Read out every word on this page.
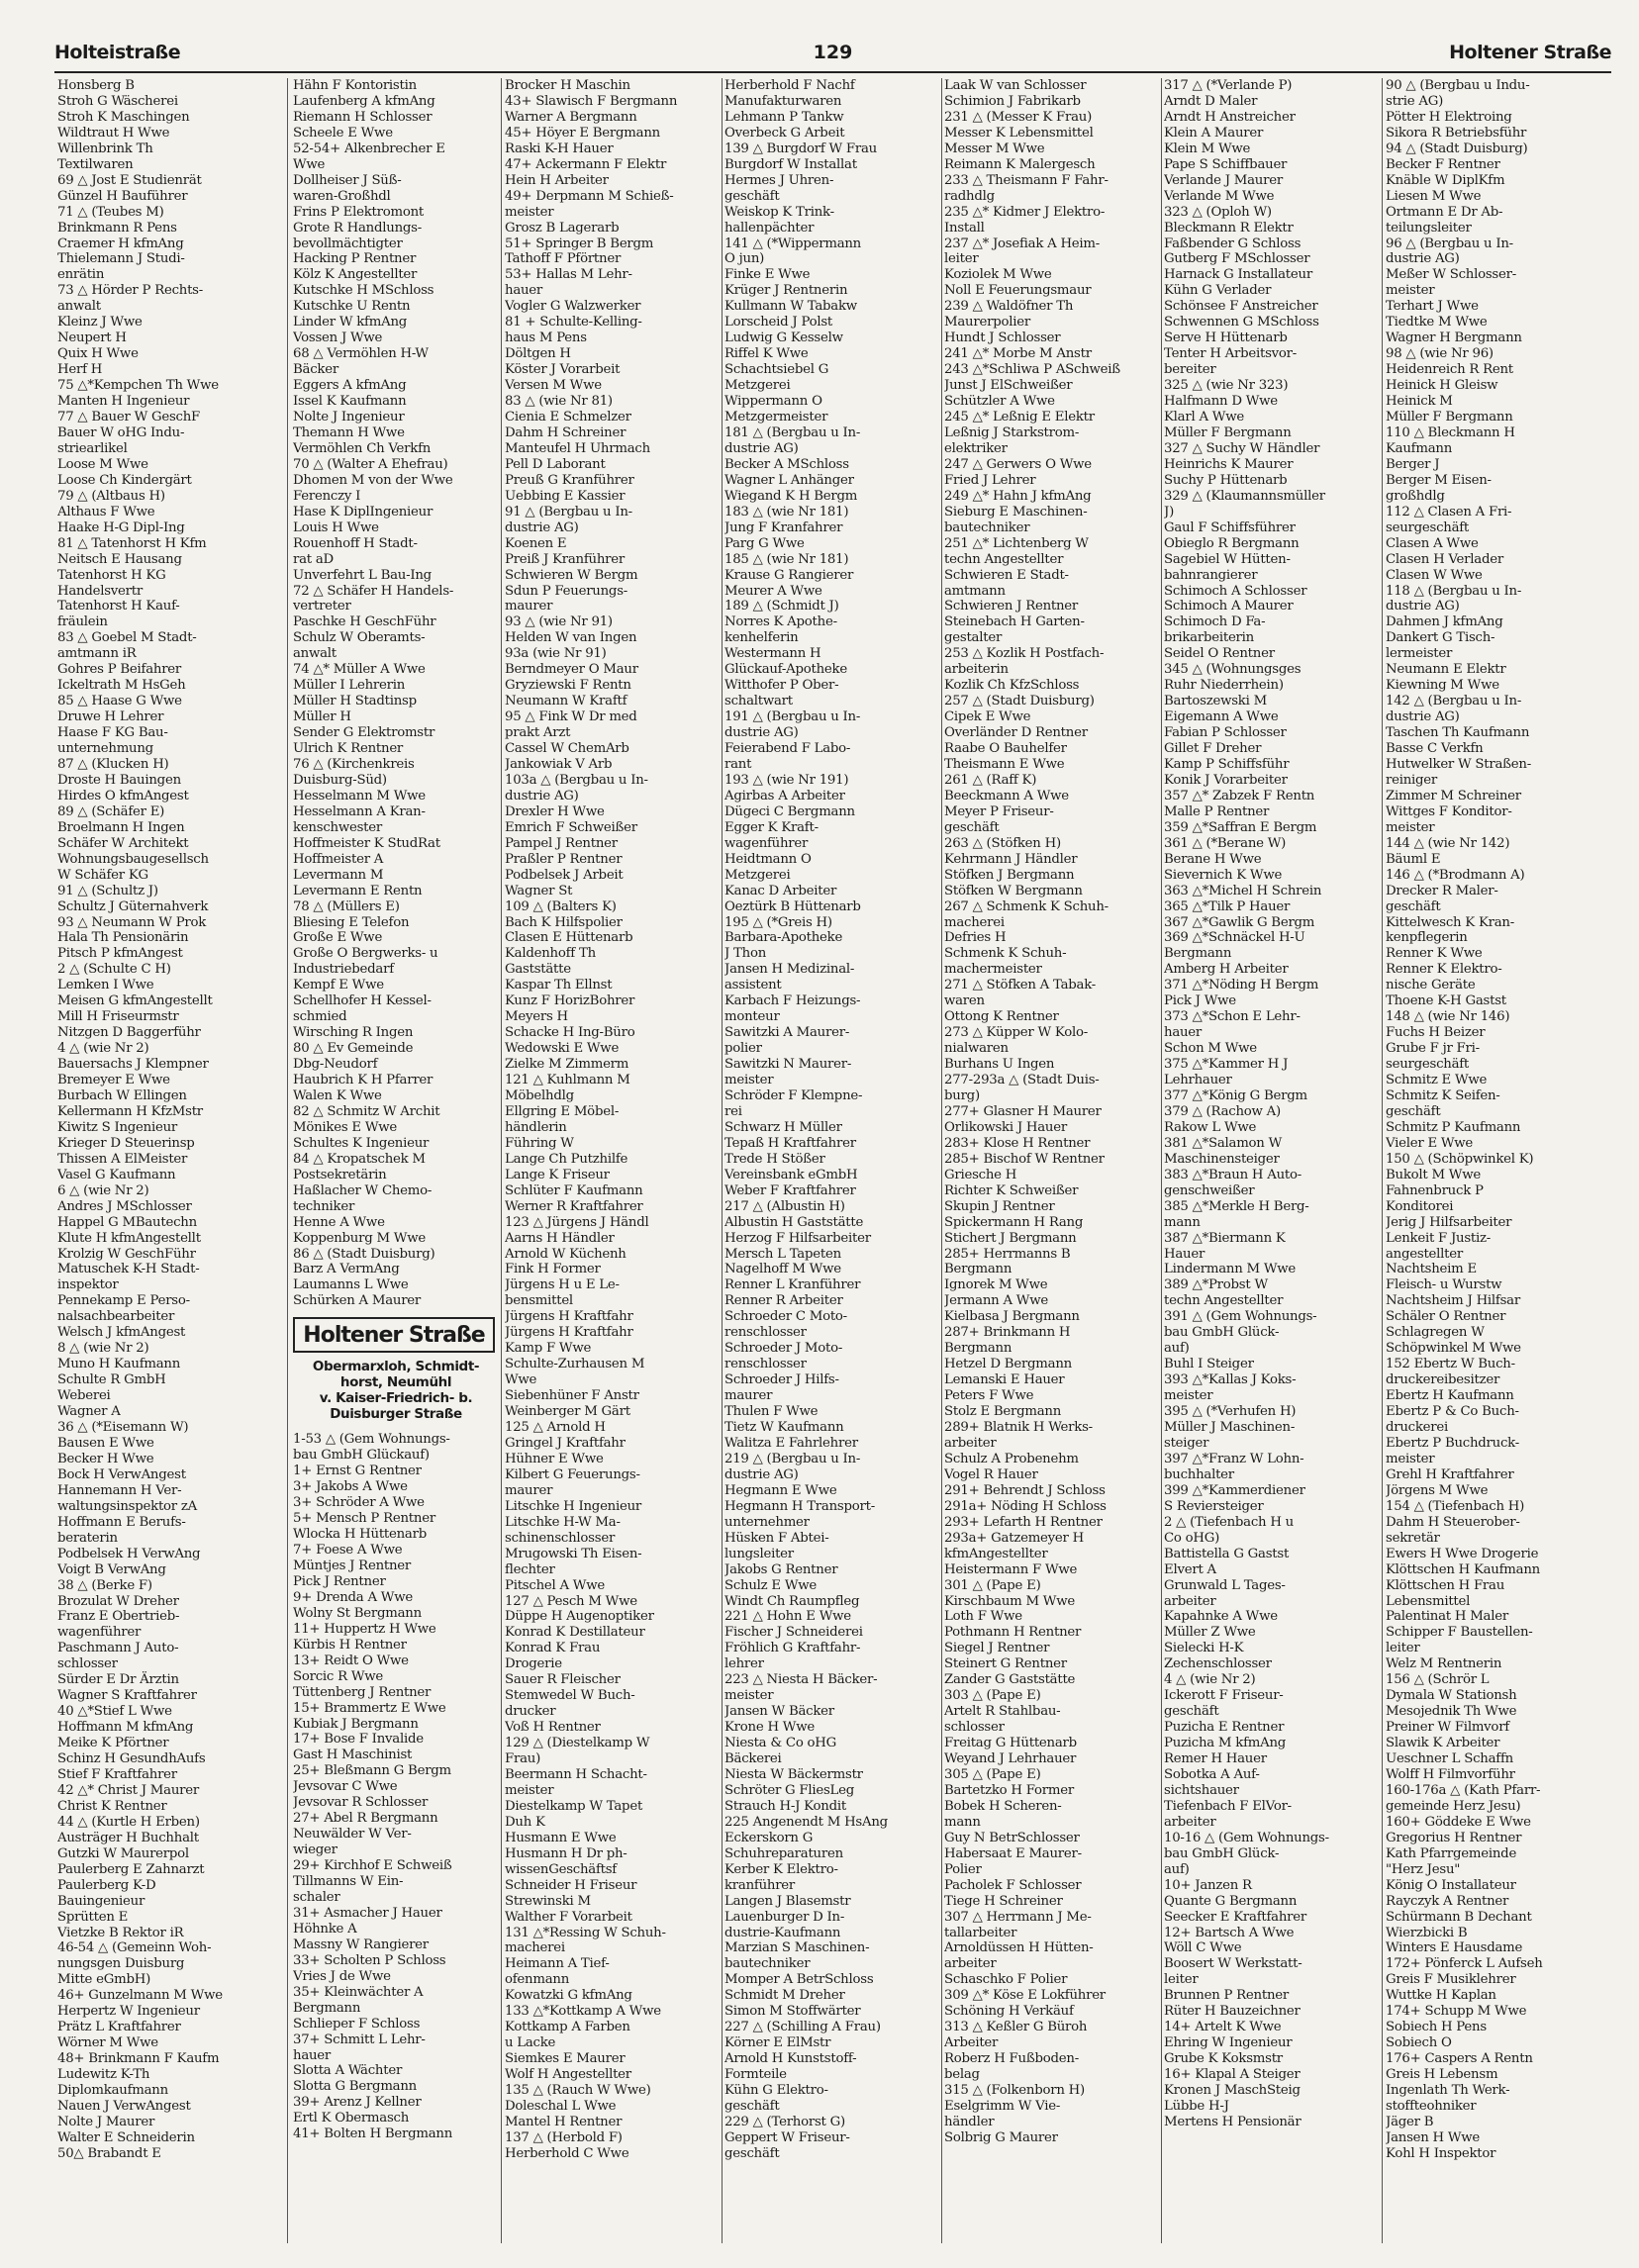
Holteistraße	129	Holtener Straße
Honsberg B
Stroh G Wäscherei
Stroh K Maschingen
Wildtraut H Wwe
Willenbrink Th
Textilwaren
69 △ Jost E Studienrät
Günzel H Bauführer
71 △ (Teubes M)
Brinkmann R Pens
Craemer H kfmAng
Thielemann J Studi-
enrätin
73 △ Hörder P Rechts-
anwalt
Kleinz J Wwe
Neupert H
Quix H Wwe
Herf H
75 △*Kempchen Th Wwe
Manten H Ingenieur
77 △ Bauer W GeschF
Bauer W oHG Indu-
striearlikel
Loose M Wwe
Loose Ch Kindergärt
79 △ (Altbaus H)
Althaus F Wwe
Haake H-G Dipl-Ing
81 △ Tatenhorst H Kfm
Neitsch E Hausang
Tatenhorst H KG
Handelsvertr
Tatenhorst H Kauf-
fräulein
83 △ Goebel M Stadt-
amtmann iR
Gohres P Beifahrer
Ickeltrath M HsGeh
85 △ Haase G Wwe
Druwe H Lehrer
Haase F KG Bau-
unternehmung
87 △ (Klucken H)
Droste H Bauingen
Hirdes O kfmAngest
89 △ (Schäfer E)
Broelmann H Ingen
Schäfer W Architekt
Wohnungsbaugesellsch
W Schäfer KG
91 △ (Schultz J)
Schultz J Güternahverk
93 △ Neumann W Prok
Hala Th Pensionärin
Pitsch P kfmAngest
2 △ (Schulte C H)
Lemken I Wwe
Meisen G kfmAngestellt
Mill H Friseurmstr
Nitzgen D Baggerführ
4 △ (wie Nr 2)
Bauersachs J Klempner
Bremeyer E Wwe
Burbach W Ellingen
Kellermann H KfzMstr
Kiwitz S Ingenieur
Krieger D Steuerinsp
Thissen A ElMeister
Vasel G Kaufmann
6 △ (wie Nr 2)
Andres J MSchlosser
Happel G MBautechn
Klute H kfmAngestellt
Krolzig W GeschFühr
Matuschek K-H Stadt-
inspektor
Pennekamp E Perso-
nalsachbearbeiter
Welsch J kfmAngest
8 △ (wie Nr 2)
Muno H Kaufmann
Schulte R GmbH
Weberei
Wagner A
36 △ (*Eisemann W)
Bausen E Wwe
Becker H Wwe
Bock H VerwAngest
Hannemann H Ver-
waltungsinspektor zA
Hoffmann E Berufs-
beraterin
Podbelsek H VerwAng
Voigt B VerwAng
38 △ (Berke F)
Brozulat W Dreher
Franz E Obertrieb-
wagenführer
Paschmann J Auto-
schlosser
Sürder E Dr Ärztin
Wagner S Kraftfahrer
40 △*Stief L Wwe
Hoffmann M kfmAng
Meike K Pförtner
Schinz H GesundhAufs
Stief F Kraftfahrer
42 △* Christ J Maurer
Christ K Rentner
44 △ (Kurtle H Erben)
Austräger H Buchhalt
Gutzki W Maurerpol
Paulerberg E Zahnarzt
Paulerberg K-D
Bauingenieur
Sprütten E
Vietzke B Rektor iR
46-54 △ (Gemeinn Woh-
nungsgen Duisburg
Mitte eGmbH)
46+ Gunzelmann M Wwe
Herpertz W Ingenieur
Prätz L Kraftfahrer
Wörner M Wwe
48+ Brinkmann F Kaufm
Ludewitz K-Th
Diplomkaufmann
Nauen J VerwAngest
Nolte J Maurer
Walter E Schneiderin
50△ Brabandt E
Hähn F Kontoristin
Laufenberg A kfmAng
Riemann H Schlosser
Scheele E Wwe
52-54+ Alkenbrecher E
Wwe
Dollheiser J Süß-
waren-Großhdl
Frins P Elektromont
Grote R Handlungs-
bevollmächtigter
Hacking P Rentner
Kölz K Angestellter
Kutschke H MSchloss
Kutschke U Rentn
Linder W kfmAng
Vossen J Wwe
68 △ Vermöhlen H-W
Bäcker
Eggers A kfmAng
Issel K Kaufmann
Nolte J Ingenieur
Themann H Wwe
Vermöhlen Ch Verkfn
70 △ (Walter A Ehefrau)
Dhomen M von der Wwe
Ferenczy I
Hase K DiplIngenieur
Louis H Wwe
Rouenhoff H Stadt-
rat aD
Unverfehrt L Bau-Ing
72 △ Schäfer H Handels-
vertreter
Paschke H GeschFühr
Schulz W Oberamts-
anwalt
74 △* Müller A Wwe
Müller I Lehrerin
Müller H Stadtinsp
Müller H
Sender G Elektromstr
Ulrich K Rentner
76 △ (Kirchenkreis
Duisburg-Süd)
Hesselmann M Wwe
Hesselmann A Kran-
kenschwester
Hoffmeister K StudRat
Hoffmeister A
Levermann M
Levermann E Rentn
78 △ (Müllers E)
Bliesing E Telefon
Große E Wwe
Große O Bergwerks- u
Industriebedarf
Kempf E Wwe
Schellhofer H Kessel-
schmied
Wirsching R Ingen
80 △ Ev Gemeinde
Dbg-Neudorf
Haubrich K H Pfarrer
Walen K Wwe
82 △ Schmitz W Archit
Mönikes E Wwe
Schultes K Ingenieur
84 △ Kropatschek M
Postsekretärin
Haßlacher W Chemo-
techniker
Henne A Wwe
Koppenburg M Wwe
86 △ (Stadt Duisburg)
Barz A VermAng
Laumanns L Wwe
Schürken A Maurer
Holtener Straße
Obermarxloh, Schmidt-
horst, Neumühl
v. Kaiser-Friedrich- b.
Duisburger Straße
1-53 △ (Gem Wohnungs-
bau GmbH Glückauf)
1+ Ernst G Rentner
3+ Jakobs A Wwe
3+ Schröder A Wwe
5+ Mensch P Rentner
Wlocka H Hüttenarb
7+ Foese A Wwe
Müntjes J Rentner
Pick J Rentner
9+ Drenda A Wwe
Wolny St Bergmann
11+ Huppertz H Wwe
Kürbis H Rentner
13+ Reidt O Wwe
Sorcic R Wwe
Tüttenberg J Rentner
15+ Brammertz E Wwe
Kubiak J Bergmann
17+ Bose F Invalide
Gast H Maschinist
25+ Bleßmann G Bergm
Jevsovar C Wwe
Jevsovar R Schlosser
27+ Abel R Bergmann
Neuwälder W Ver-
wieger
29+ Kirchhof E Schweiß
Tillmanns W Ein-
schaler
31+ Asmacher J Hauer
Höhnke A
Massny W Rangierer
33+ Scholten P Schloss
Vries J de Wwe
35+ Kleinwächter A
Bergmann
Schlieper F Schloss
37+ Schmitt L Lehr-
hauer
Slotta A Wächter
Slotta G Bergmann
39+ Arenz J Kellner
Ertl K Obermasch
41+ Bolten H Bergmann
Brocker H Maschin
43+ Slawisch F Bergmann
Warner A Bergmann
45+ Höyer E Bergmann
Raski K-H Hauer
47+ Ackermann F Elektr
Hein H Arbeiter
49+ Derpmann M Schieß-
meister
Grosz B Lagerarb
51+ Springer B Bergm
Tathoff F Pförtner
53+ Hallas M Lehr-
hauer
Vogler G Walzwerker
81 + Schulte-Kelling-
haus M Pens
Döltgen H
Köster J Vorarbeit
Versen M Wwe
83 △ (wie Nr 81)
Cienia E Schmelzer
Dahm H Schreiner
Manteufel H Uhrmach
Pell D Laborant
Preuß G Kranführer
Uebbing E Kassier
91 △ (Bergbau u In-
dustrie AG)
Koenen E
Preiß J Kranführer
Schwieren W Bergm
Sdun P Feuerungs-
maurer
93 △ (wie Nr 91)
Helden W van Ingen
93a (wie Nr 91)
Berndmeyer O Maur
Gryziewski F Rentn
Neumann W Kraftf
95 △ Fink W Dr med
prakt Arzt
Cassel W ChemArb
Jankowiak V Arb
103a △ (Bergbau u In-
dustrie AG)
Drexler H Wwe
Emrich F Schweißer
Pampel J Rentner
Praßler P Rentner
Podbelsek J Arbeit
Wagner St
109 △ (Balters K)
Bach K Hilfspolier
Clasen E Hüttenarb
Kaldenhoff Th
Gaststätte
Kaspar Th Ellnst
Kunz F HorizBohrer
Meyers H
Schacke H Ing-Büro
Wedowski E Wwe
Zielke M Zimmerm
121 △ Kuhlmann M
Möbelhdlg
Ellgring E Möbel-
händlerin
Führing W
Lange Ch Putzhilfe
Lange K Friseur
Schlüter F Kaufmann
Werner R Kraftfahrer
123 △ Jürgens J Händl
Aarns H Händler
Arnold W Küchenh
Fink H Former
Jürgens H u E Le-
bensmittel
Jürgens H Kraftfahr
Jürgens H Kraftfahr
Kamp F Wwe
Schulte-Zurhausen M
Wwe
Siebenhüner F Anstr
Weinberger M Gärt
125 △ Arnold H
Gringel J Kraftfahr
Hühner E Wwe
Kilbert G Feuerungs-
maurer
Litschke H Ingenieur
Litschke H-W Ma-
schinenschlosser
Mrugowski Th Eisen-
flechter
Pitschel A Wwe
127 △ Pesch M Wwe
Düppe H Augenoptiker
Konrad K Destillateur
Konrad K Frau
Drogerie
Sauer R Fleischer
Stemwedel W Buch-
drucker
Voß H Rentner
129 △ (Diestelkamp W
Frau)
Beermann H Schacht-
meister
Diestelkamp W Tapet
Duh K
Husmann E Wwe
Husmann H Dr ph-
wissenGeschäftsf
Schneider H Friseur
Strewinski M
Walther F Vorarbeit
131 △*Ressing W Schuh-
macherei
Heimann A Tief-
ofenmann
Kowatzki G kfmAng
133 △*Kottkamp A Wwe
Kottkamp A Farben
u Lacke
Siemkes E Maurer
Wolf H Angestellter
135 △ (Rauch W Wwe)
Doleschal L Wwe
Mantel H Rentner
137 △ (Herbold F)
Herberhold C Wwe
Herberhold F Nachf
Manufakturwaren
Lehmann P Tankw
Overbeck G Arbeit
139 △ Burgdorf W Frau
Burgdorf W Installat
Hermes J Uhren-
geschäft
Weiskop K Trink-
hallenpächter
141 △ (*Wippermann
O jun)
Finke E Wwe
Krüger J Rentnerin
Kullmann W Tabakw
Lorscheid J Polst
Ludwig G Kesselw
Riffel K Wwe
Schachtsiebel G
Metzgerei
Wippermann O
Metzgermeister
181 △ (Bergbau u In-
dustrie AG)
Becker A MSchloss
Wagner L Anhänger
Wiegand K H Bergm
183 △ (wie Nr 181)
Jung F Kranfahrer
Parg G Wwe
185 △ (wie Nr 181)
Krause G Rangierer
Meurer A Wwe
189 △ (Schmidt J)
Norres K Apothe-
kenhelferin
Westermann H
Glückauf-Apotheke
Witthofer P Ober-
schaltwart
191 △ (Bergbau u In-
dustrie AG)
Feierabend F Labo-
rant
193 △ (wie Nr 191)
Agirbas A Arbeiter
Dügeci C Bergmann
Egger K Kraft-
wagenführer
Heidtmann O
Metzgerei
Kanac D Arbeiter
Oeztürk B Hüttenarb
195 △ (*Greis H)
Barbara-Apotheke
J Thon
Jansen H Medizinal-
assistent
Karbach F Heizungs-
monteur
Sawitzki A Maurer-
polier
Sawitzki N Maurer-
meister
Schröder F Klempne-
rei
Schwarz H Müller
Tepaß H Kraftfahrer
Trede H Stößer
Vereinsbank eGmbH
Weber F Kraftfahrer
217 △ (Albustin H)
Albustin H Gaststätte
Herzog F Hilfsarbeiter
Mersch L Tapeten
Nagelhoff M Wwe
Renner L Kranführer
Renner R Arbeiter
Schroeder C Moto-
renschlosser
Schroeder J Moto-
renschlosser
Schroeder J Hilfs-
maurer
Thulen F Wwe
Tietz W Kaufmann
Walitza E Fahrlehrer
219 △ (Bergbau u In-
dustrie AG)
Hegmann E Wwe
Hegmann H Transport-
unternehmer
Hüsken F Abtei-
lungsleiter
Jakobs G Rentner
Schulz E Wwe
Windt Ch Raumpfleg
221 △ Hohn E Wwe
Fischer J Schneiderei
Fröhlich G Kraftfahr-
lehrer
223 △ Niesta H Bäcker-
meister
Jansen W Bäcker
Krone H Wwe
Niesta & Co oHG
Bäckerei
Niesta W Bäckermstr
Schröter G FliesLeg
Strauch H-J Kondit
225 Angenendt M HsAng
Eckerskorn G
Schuhreparaturen
Kerber K Elektro-
kranführer
Langen J Blasemstr
Lauenburger D In-
dustrie-Kaufmann
Marzian S Maschinen-
bautechniker
Momper A BetrSchloss
Schmidt M Dreher
Simon M Stoffwärter
227 △ (Schilling A Frau)
Körner E ElMstr
Arnold H Kunststoff-
Formteile
Kühn G Elektro-
geschäft
229 △ (Terhorst G)
Geppert W Friseur-
geschäft
Laak W van Schlosser
Schimion J Fabrikarb
231 △ (Messer K Frau)
Messer K Lebensmittel
Messer M Wwe
Reimann K Malergesch
233 △ Theismann F Fahr-
radhdlg
235 △* Kidmer J Elektro-
Install
237 △* Josefiak A Heim-
leiter
Koziolek M Wwe
Noll E Feuerungsmaur
239 △ Waldöfner Th
Maurerpolier
Hundt J Schlosser
241 △* Morbe M Anstr
243 △*Schliwa P ASchweiß
Junst J ElSchweißer
Schützler A Wwe
245 △* Leßnig E Elektr
Leßnig J Starkstrom-
elektriker
247 △ Gerwers O Wwe
Fried J Lehrer
249 △* Hahn J kfmAng
Sieburg E Maschinen-
bautechniker
251 △* Lichtenberg W
techn Angestellter
Schwieren E Stadt-
amtmann
Schwieren J Rentner
Steinebach H Garten-
gestalter
253 △ Kozlik H Postfach-
arbeiterin
Kozlik Ch KfzSchloss
257 △ (Stadt Duisburg)
Cipek E Wwe
Overländer D Rentner
Raabe O Bauhelfer
Theismann E Wwe
261 △ (Raff K)
Beeckmann A Wwe
Meyer P Friseur-
geschäft
263 △ (Stöfken H)
Kehrmann J Händler
Stöfken J Bergmann
Stöfken W Bergmann
267 △ Schmenk K Schuh-
macherei
Defries H
Schmenk K Schuh-
machermeister
271 △ Stöfken A Tabak-
waren
Ottong K Rentner
273 △ Küpper W Kolo-
nialwaren
Burhans U Ingen
277-293a △ (Stadt Duis-
burg)
277+ Glasner H Maurer
Orlikowski J Hauer
283+ Klose H Rentner
285+ Bischof W Rentner
Griesche H
Richter K Schweißer
Skupin J Rentner
Spickermann H Rang
Stichert J Bergmann
285+ Herrmanns B
Bergmann
Ignorek M Wwe
Jermann A Wwe
Kielbasa J Bergmann
287+ Brinkmann H
Bergmann
Hetzel D Bergmann
Lemanski E Hauer
Peters F Wwe
Stolz E Bergmann
289+ Blatnik H Werks-
arbeiter
Schulz A Probenehm
Vogel R Hauer
291+ Behrendt J Schloss
291a+ Nöding H Schloss
293+ Lefarth H Rentner
293a+ Gatzemeyer H
kfmAngestellter
Heistermann F Wwe
301 △ (Pape E)
Kirschbaum M Wwe
Loth F Wwe
Pothmann H Rentner
Siegel J Rentner
Steinert G Rentner
Zander G Gaststätte
303 △ (Pape E)
Artelt R Stahlbau-
schlosser
Freitag G Hüttenarb
Weyand J Lehrhauer
305 △ (Pape E)
Bartetzko H Former
Bobek H Scheren-
mann
Guy N BetrSchlosser
Habersaat E Maurer-
Polier
Pacholek F Schlosser
Tiege H Schreiner
307 △ Herrmann J Me-
tallarbeiter
Arnoldüssen H Hütten-
arbeiter
Schaschko F Polier
309 △* Köse E Lokführer
Schöning H Verkäuf
313 △ Keßler G Büroh
Arbeiter
Roberz H Fußboden-
belag
315 △ (Folkenborn H)
Eselgrimm W Vie-
händler
Solbrig G Maurer
317 △ (*Verlande P)
Arndt D Maler
Arndt H Anstreicher
Klein A Maurer
Klein M Wwe
Pape S Schiffbauer
Verlande J Maurer
Verlande M Wwe
323 △ (Oploh W)
Bleckmann R Elektr
Faßbender G Schloss
Gutberg F MSchlosser
Harnack G Installateur
Kühn G Verlader
Schönsee F Anstreicher
Schwennen G MSchloss
Serve H Hüttenarb
Tenter H Arbeitsvor-
bereiter
325 △ (wie Nr 323)
Halfmann D Wwe
Klarl A Wwe
Müller F Bergmann
327 △ Suchy W Händler
Heinrichs K Maurer
Suchy P Hüttenarb
329 △ (Klaumannsmüller
J)
Gaul F Schiffsführer
Obieglo R Bergmann
Sagebiel W Hütten-
bahnrangierer
Schimoch A Schlosser
Schimoch A Maurer
Schimoch D Fa-
brikarbeiterin
Seidel O Rentner
345 △ (Wohnungsges
Ruhr Niederrhein)
Bartoszewski M
Eigemann A Wwe
Fabian P Schlosser
Gillet F Dreher
Kamp P Schiffsführ
Konik J Vorarbeiter
357 △* Zabzek F Rentn
Malle P Rentner
359 △*Saffran E Bergm
361 △ (*Berane W)
Berane H Wwe
Sievernich K Wwe
363 △*Michel H Schrein
365 △*Tilk P Hauer
367 △*Gawlik G Bergm
369 △*Schnäckel H-U
Bergmann
Amberg H Arbeiter
371 △*Nöding H Bergm
Pick J Wwe
373 △*Schon E Lehr-
hauer
Schon M Wwe
375 △*Kammer H J
Lehrhauer
377 △*König G Bergm
379 △ (Rachow A)
Rakow L Wwe
381 △*Salamon W
Maschinensteiger
383 △*Braun H Auto-
genschweißer
385 △*Merkle H Berg-
mann
387 △*Biermann K
Hauer
Lindermann M Wwe
389 △*Probst W
techn Angestellter
391 △ (Gem Wohnungs-
bau GmbH Glück-
auf)
Buhl I Steiger
393 △*Kallas J Koks-
meister
395 △ (*Verhufen H)
Müller J Maschinen-
steiger
397 △*Franz W Lohn-
buchhalter
399 △*Kammerdiener
S Reviersteiger
2 △ (Tiefenbach H u
Co oHG)
Battistella G Gastst
Elvert A
Grunwald L Tages-
arbeiter
Kapahnke A Wwe
Müller Z Wwe
Sielecki H-K
Zechenschlosser
4 △ (wie Nr 2)
Ickerott F Friseur-
geschäft
Puzicha E Rentner
Puzicha M kfmAng
Remer H Hauer
Sobotka A Auf-
sichtshauer
Tiefenbach F ElVor-
arbeiter
10-16 △ (Gem Wohnungs-
bau GmbH Glück-
auf)
10+ Janzen R
Quante G Bergmann
Seecker E Kraftfahrer
12+ Bartsch A Wwe
Wöll C Wwe
Boosert W Werkstatt-
leiter
Brunnen P Rentner
Rüter H Bauzeichner
14+ Artelt K Wwe
Ehring W Ingenieur
Grube K Koksmstr
16+ Klapal A Steiger
Kronen J MaschSteig
Lübbe H-J
Mertens H Pensionär
90 △ (Bergbau u Indu-
strie AG)
Pötter H Elektroing
Sikora R Betriebsführ
94 △ (Stadt Duisburg)
Becker F Rentner
Knäble W DiplKfm
Liesen M Wwe
Ortmann E Dr Ab-
teilungsleiter
96 △ (Bergbau u In-
dustrie AG)
Meßer W Schlosser-
meister
Terhart J Wwe
Tiedtke M Wwe
Wagner H Bergmann
98 △ (wie Nr 96)
Heidenreich R Rent
Heinick H Gleisw
Heinick M
Müller F Bergmann
110 △ Bleckmann H
Kaufmann
Berger J
Berger M Eisen-
großhdlg
112 △ Clasen A Fri-
seurgeschäft
Clasen A Wwe
Clasen H Verlader
Clasen W Wwe
118 △ (Bergbau u In-
dustrie AG)
Dahmen J kfmAng
Dankert G Tisch-
lermeister
Neumann E Elektr
Kiewning M Wwe
142 △ (Bergbau u In-
dustrie AG)
Taschen Th Kaufmann
Basse C Verkfn
Hutwelker W Straßen-
reiniger
Zimmer M Schreiner
Wittges F Konditor-
meister
144 △ (wie Nr 142)
Bäuml E
146 △ (*Brodmann A)
Drecker R Maler-
geschäft
Kittelwesch K Kran-
kenpflegerin
Renner K Wwe
Renner K Elektro-
nische Geräte
Thoene K-H Gastst
148 △ (wie Nr 146)
Fuchs H Beizer
Grube F jr Fri-
seurgeschäft
Schmitz E Wwe
Schmitz K Seifen-
geschäft
Schmitz P Kaufmann
Vieler E Wwe
150 △ (Schöpwinkel K)
Bukolt M Wwe
Fahnenbruck P
Konditorei
Jerig J Hilfsarbeiter
Lenkeit F Justiz-
angestellter
Nachtsheim E
Fleisch- u Wurstw
Nachtsheim J Hilfsar
Schäler O Rentner
Schlagregen W
Schöpwinkel M Wwe
152 Ebertz W Buch-
druckereibesitzer
Ebertz H Kaufmann
Ebertz P & Co Buch-
druckerei
Ebertz P Buchdruck-
meister
Grehl H Kraftfahrer
Jörgens M Wwe
154 △ (Tiefenbach H)
Dahm H Steuerober-
sekretär
Ewers H Wwe Drogerie
Klöttschen H Kaufmann
Klöttschen H Frau
Lebensmittel
Palentinat H Maler
Schipper F Baustellen-
leiter
Welz M Rentnerin
156 △ (Schrör L
Dymala W Stationsh
Mesojednik Th Wwe
Preiner W Filmvorf
Slawik K Arbeiter
Ueschner L Schaffn
Wolff H Filmvorführ
160-176a △ (Kath Pfarr-
gemeinde Herz Jesu)
160+ Göddeke E Wwe
Gregorius H Rentner
Kath Pfarrgemeinde
"Herz Jesu"
König O Installateur
Rayczyk A Rentner
Schürmann B Dechant
Wierzbicki B
Winters E Hausdame
172+ Pönferck L Aufseh
Greis F Musiklehrer
Wuttke H Kaplan
174+ Schupp M Wwe
Sobiech H Pens
Sobiech O
176+ Caspers A Rentn
Greis H Lebensm
Ingenlath Th Werk-
stoffteohniker
Jäger B
Jansen H Wwe
Kohl H Inspektor
